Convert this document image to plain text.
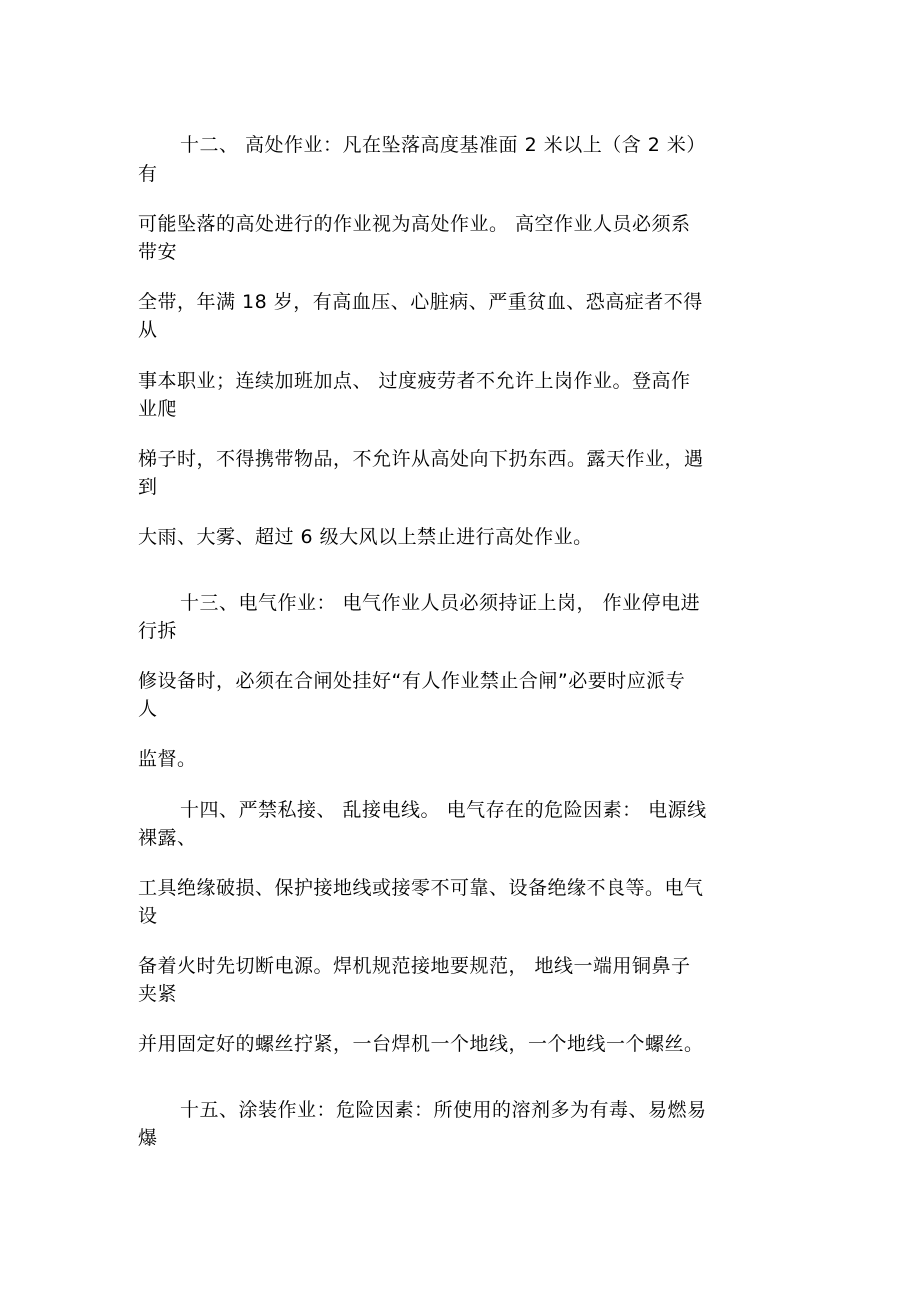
十二、 高处作业：凡在坠落高度基准面 2 米以上（含 2 米）
有
可能坠落的高处进行的作业视为高处作业。 高空作业人员必须系
带安
全带，年满 18 岁，有高血压、心脏病、严重贫血、恐高症者不得
从
事本职业；连续加班加点、 过度疲劳者不允许上岗作业。登高作
业爬
梯子时，不得携带物品，不允许从高处向下扔东西。露天作业，遇
到
大雨、大雾、超过 6 级大风以上禁止进行高处作业。
十三、电气作业： 电气作业人员必须持证上岗， 作业停电进
行拆
修设备时，必须在合闸处挂好“有人作业禁止合闸”必要时应派专
人
监督。
十四、严禁私接、 乱接电线。 电气存在的危险因素： 电源线
裸露、
工具绝缘破损、保护接地线或接零不可靠、设备绝缘不良等。电气
设
备着火时先切断电源。焊机规范接地要规范， 地线一端用铜鼻子
夹紧
并用固定好的螺丝拧紧，一台焊机一个地线，一个地线一个螺丝。
十五、涂装作业：危险因素：所使用的溶剂多为有毒、易燃易
爆
